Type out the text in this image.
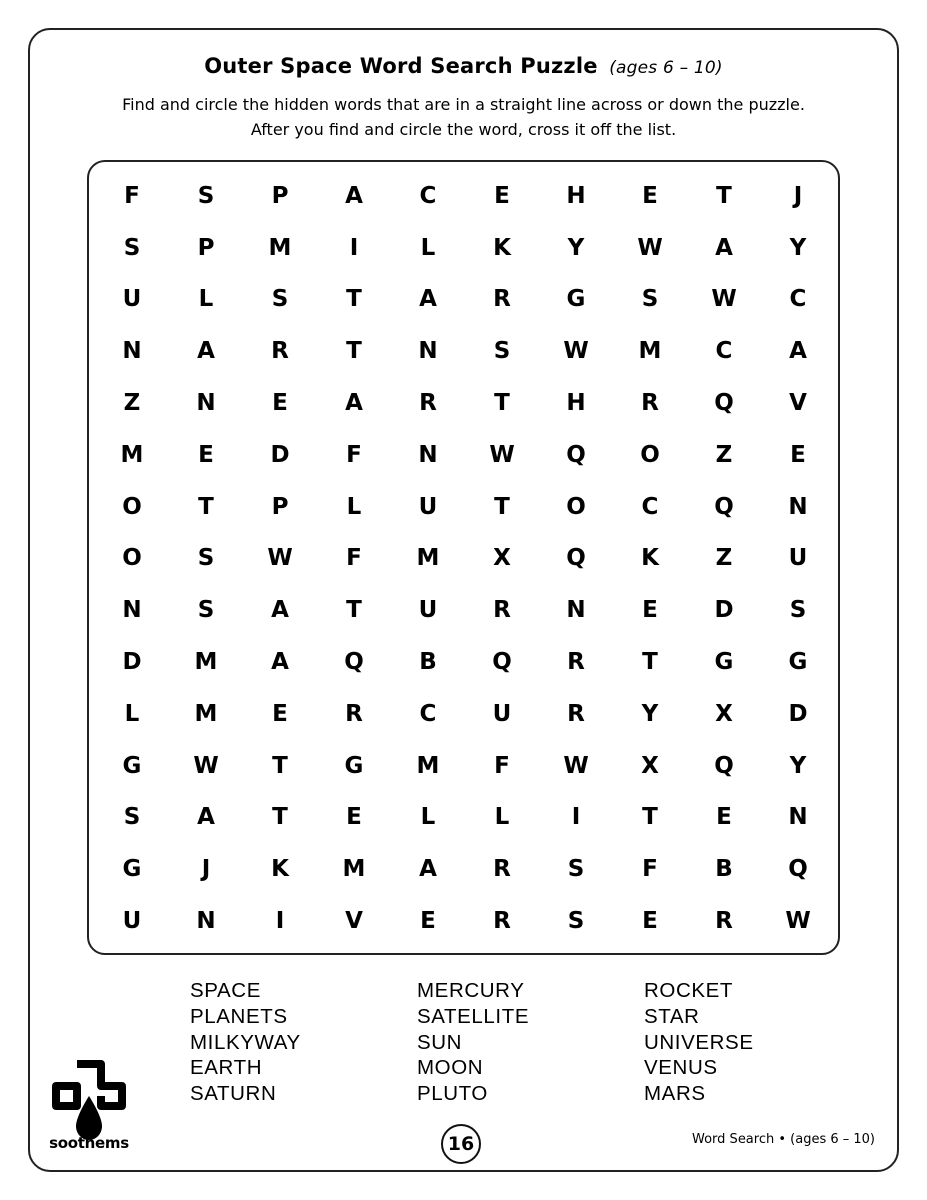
Outer Space Word Search Puzzle (ages 6 – 10)
Find and circle the hidden words that are in a straight line across or down the puzzle.
After you find and circle the word, cross it off the list.
F	S	P	A	C	E	H	E	T	J
S	P	M	I	L	K	Y	W	A	Y
U	L	S	T	A	R	G	S	W	C
N	A	R	T	N	S	W	M	C	A
Z	N	E	A	R	T	H	R	Q	V
M	E	D	F	N	W	Q	O	Z	E
O	T	P	L	U	T	O	C	Q	N
O	S	W	F	M	X	Q	K	Z	U
N	S	A	T	U	R	N	E	D	S
D	M	A	Q	B	Q	R	T	G	G
L	M	E	R	C	U	R	Y	X	D
G	W	T	G	M	F	W	X	Q	Y
S	A	T	E	L	L	I	T	E	N
G	J	K	M	A	R	S	F	B	Q
U	N	I	V	E	R	S	E	R	W
SPACE
PLANETS
MILKYWAY
EARTH
SATURN
MERCURY
SATELLITE
SUN
MOON
PLUTO
ROCKET
STAR
UNIVERSE
VENUS
MARS
soothems	16	Word Search • (ages 6 – 10)
